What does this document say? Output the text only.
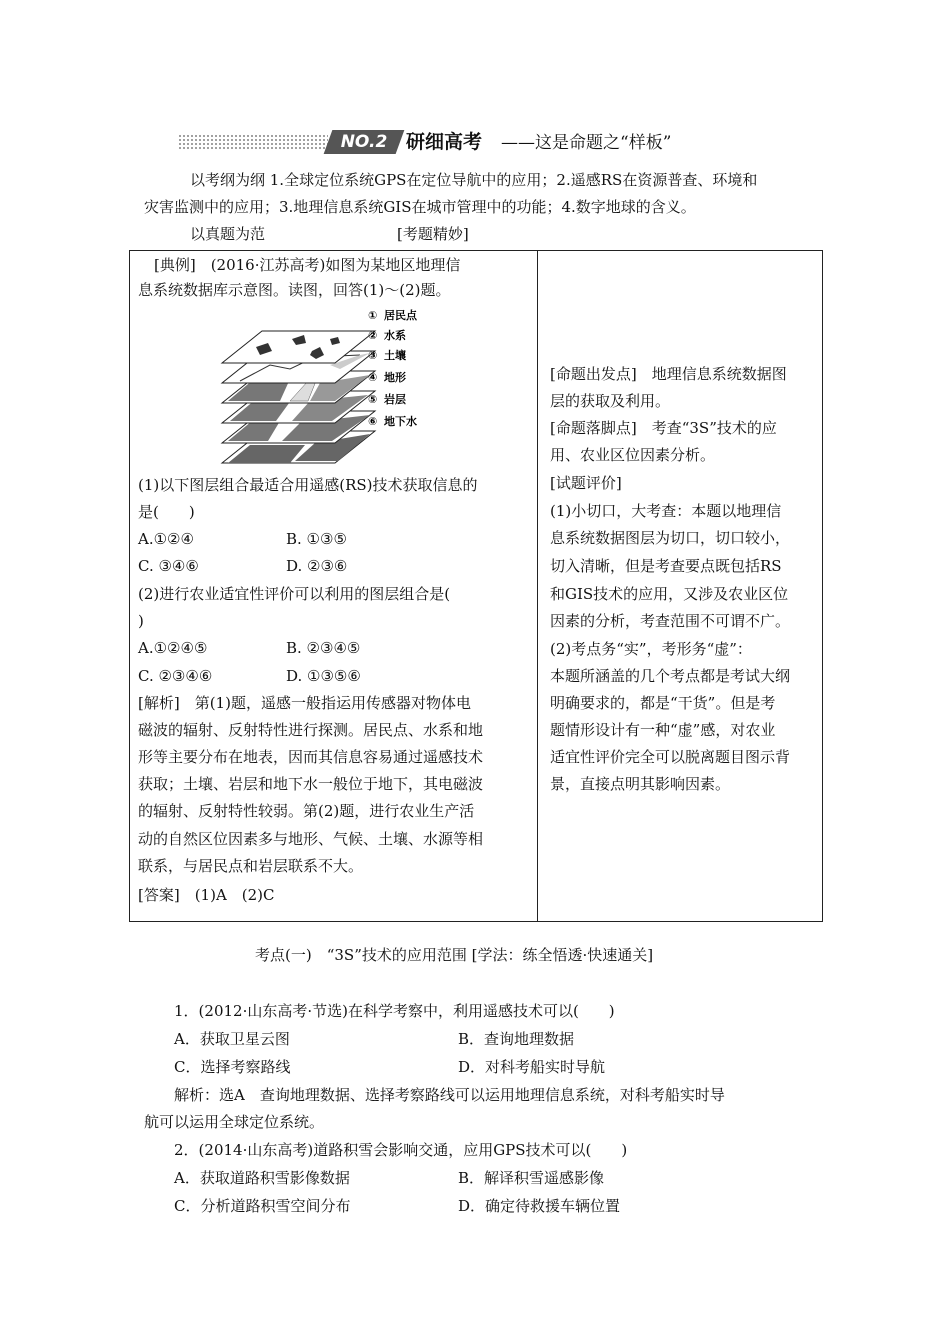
NO.2 研细高考 ——这是命题之“样板”
以考纲为纲 1.全球定位系统GPS在定位导航中的应用；2.遥感RS在资源普查、环境和
灾害监测中的应用；3.地理信息系统GIS在城市管理中的功能；4.数字地球的含义。
以真题为范	[考题精妙]
[典例]　(2016·江苏高考)如图为某地区地理信
息系统数据库示意图。读图，回答(1)～(2)题。
(1)以下图层组合最适合用遥感(RS)技术获取信息的
是(　　)
A.①②④	B. ①③⑤
C. ③④⑥	D. ②③⑥
(2)进行农业适宜性评价可以利用的图层组合是(
)
A.①②④⑤	B. ②③④⑤
C. ②③④⑥	D. ①③⑤⑥
[解析]　第(1)题，遥感一般指运用传感器对物体电
磁波的辐射、反射特性进行探测。居民点、水系和地
形等主要分布在地表，因而其信息容易通过遥感技术
获取；土壤、岩层和地下水一般位于地下，其电磁波
的辐射、反射特性较弱。第(2)题，进行农业生产活
动的自然区位因素多与地形、气候、土壤、水源等相
联系，与居民点和岩层联系不大。
[答案]　(1)A　(2)C
[命题出发点]　地理信息系统数据图
层的获取及利用。
[命题落脚点]　考查“3S”技术的应
用、农业区位因素分析。
[试题评价]
(1)小切口，大考查：本题以地理信
息系统数据图层为切口，切口较小，
切入清晰，但是考查要点既包括RS
和GIS技术的应用，又涉及农业区位
因素的分析，考查范围不可谓不广。
(2)考点务“实”，考形务“虚”：
本题所涵盖的几个考点都是考试大纲
明确要求的，都是“干货”。但是考
题情形设计有一种“虚”感，对农业
适宜性评价完全可以脱离题目图示背
景，直接点明其影响因素。
① 居民点
② 水系
③ 土壤
④ 地形
⑤ 岩层
⑥ 地下水
考点(一)　“3S”技术的应用范围 [学法：练全悟透·快速通关]
1．(2012·山东高考·节选)在科学考察中，利用遥感技术可以(　　)
A．获取卫星云图	B．查询地理数据
C．选择考察路线	D．对科考船实时导航
解析：选A　查询地理数据、选择考察路线可以运用地理信息系统，对科考船实时导
航可以运用全球定位系统。
2．(2014·山东高考)道路积雪会影响交通，应用GPS技术可以(　　)
A．获取道路积雪影像数据	B．解译积雪遥感影像
C．分析道路积雪空间分布	D．确定待救援车辆位置
